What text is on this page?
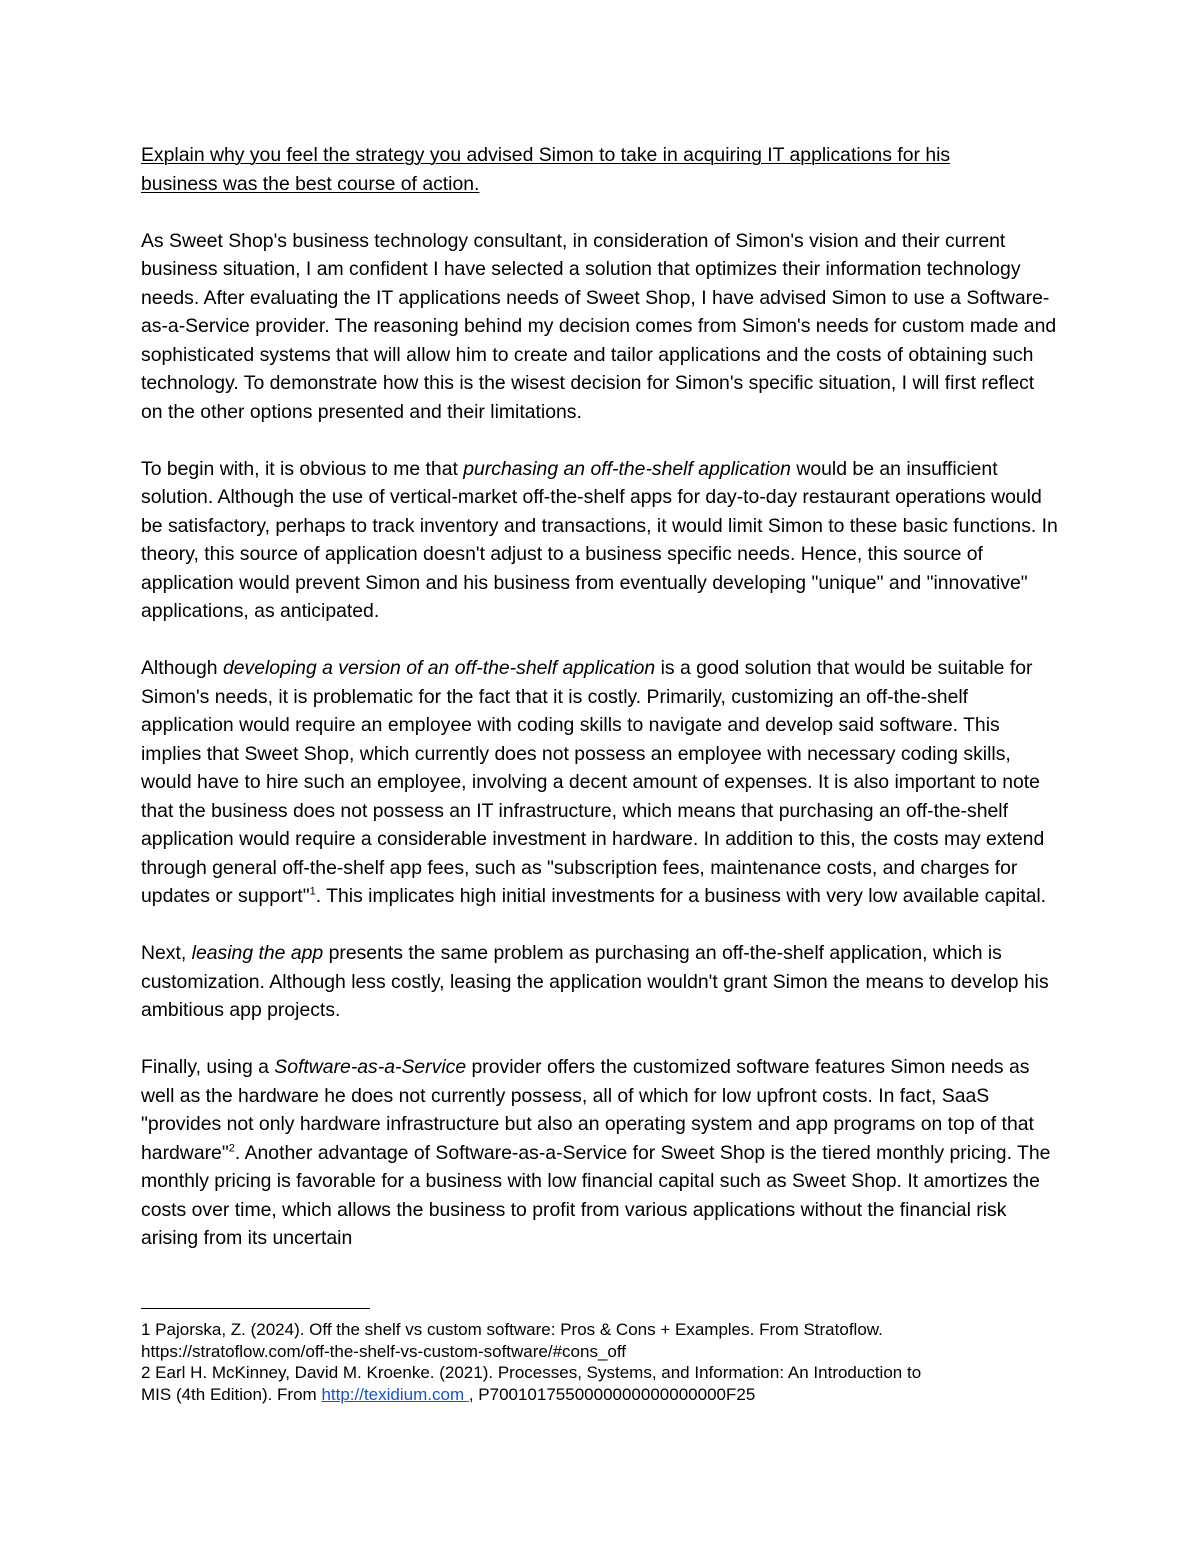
Explain why you feel the strategy you advised Simon to take in acquiring IT applications for his
business was the best course of action.

As Sweet Shop's business technology consultant, in consideration of Simon's vision and their current business situation, I am confident I have selected a solution that optimizes their information technology needs. After evaluating the IT applications needs of Sweet Shop, I have advised Simon to use a Software-as-a-Service provider. The reasoning behind my decision comes from Simon's needs for custom made and sophisticated systems that will allow him to create and tailor applications and the costs of obtaining such technology. To demonstrate how this is the wisest decision for Simon's specific situation, I will first reflect on the other options presented and their limitations.

To begin with, it is obvious to me that purchasing an off-the-shelf application would be an insufficient solution. Although the use of vertical-market off-the-shelf apps for day-to-day restaurant operations would be satisfactory, perhaps to track inventory and transactions, it would limit Simon to these basic functions. In theory, this source of application doesn't adjust to a business specific needs. Hence, this source of application would prevent Simon and his business from eventually developing "unique" and "innovative" applications, as anticipated.

Although developing a version of an off-the-shelf application is a good solution that would be suitable for Simon's needs, it is problematic for the fact that it is costly. Primarily, customizing an off-the-shelf application would require an employee with coding skills to navigate and develop said software. This implies that Sweet Shop, which currently does not possess an employee with necessary coding skills, would have to hire such an employee, involving a decent amount of expenses. It is also important to note that the business does not possess an IT infrastructure, which means that purchasing an off-the-shelf application would require a considerable investment in hardware. In addition to this, the costs may extend through general off-the-shelf app fees, such as "subscription fees, maintenance costs, and charges for updates or support"$^1$. This implicates high initial investments for a business with very low available capital.

Next, leasing the app presents the same problem as purchasing an off-the-shelf application, which is customization. Although less costly, leasing the application wouldn't grant Simon the means to develop his ambitious app projects.

Finally, using a Software-as-a-Service provider offers the customized software features Simon needs as well as the hardware he does not currently possess, all of which for low upfront costs. In fact, SaaS "provides not only hardware infrastructure but also an operating system and app programs on top of that hardware"$^2$. Another advantage of Software-as-a-Service for Sweet Shop is the tiered monthly pricing. The monthly pricing is favorable for a business with low financial capital such as Sweet Shop. It amortizes the costs over time, which allows the business to profit from various applications without the financial risk arising from its uncertain

1 Pajorska, Z. (2024). Off the shelf vs custom software: Pros & Cons + Examples. From Stratoflow.
https://stratoflow.com/off-the-shelf-vs-custom-software/#cons_off

2 Earl H. McKinney, David M. Kroenke. (2021). Processes, Systems, and Information: An Introduction to
MIS (4th Edition). From http://texidium.com , P7001017550000000000000000F25
